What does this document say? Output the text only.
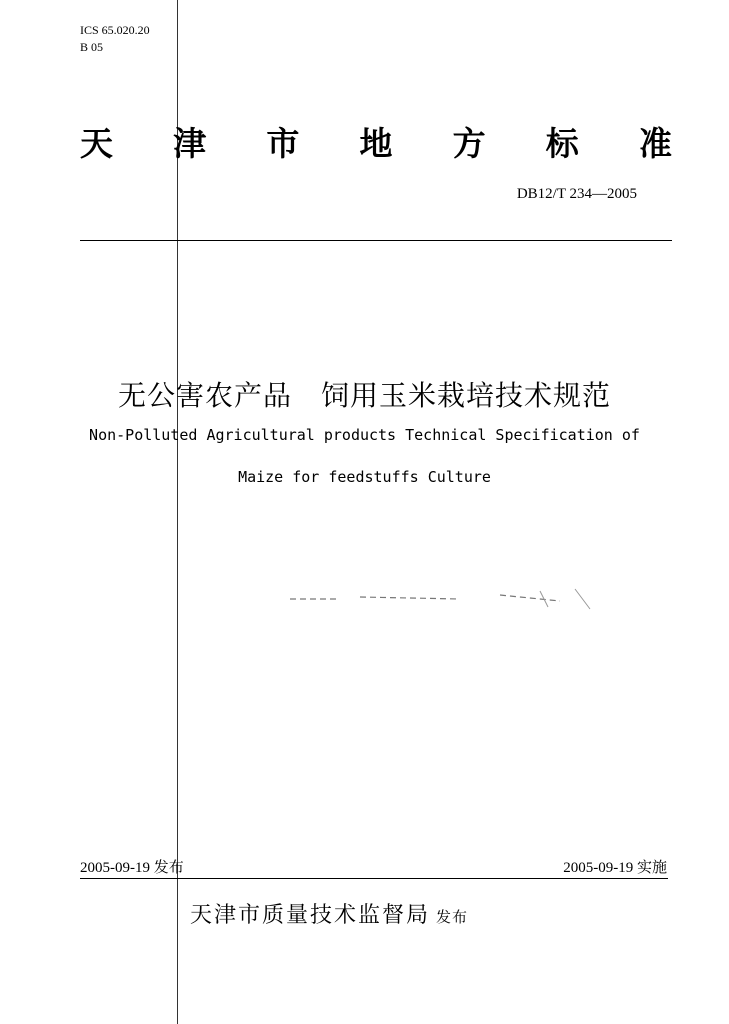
ICS 65.020.20
B 05
天 津 市 地 方 标 准
DB12/T 234—2005
无公害农产品　饲用玉米栽培技术规范
Non-Polluted Agricultural products Technical Specification of
Maize for feedstuffs Culture
2005-09-19 发布	2005-09-19 实施
天津市质量技术监督局 发布
